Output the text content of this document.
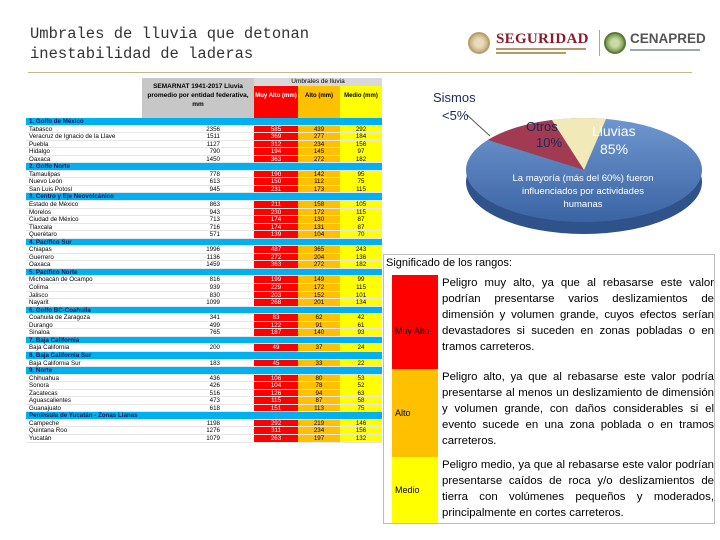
Umbrales de lluvia que detonan inestabilidad de laderas
SEGURIDAD	CENAPRED
SEMARNAT 1941-2017 Lluvia promedio por entidad federativa, mm
Umbrales de lluvia
Muy Alto (mm)	Alto (mm)	Medio (mm)
1. Golfo de México
Tabasco	2356	585	439	292
Veracruz de Ignacio de la Llave	1511	369	277	184
Puebla	1127	312	234	156
Hidalgo	790	194	145	97
Oaxaca	1450	363	272	182
2. Golfo Norte
Tamaulipas	778	190	142	95
Nuevo León	613	150	112	75
San Luis Potosí	945	231	173	115
3. Centro y Eje Neovolcánico
Estado de México	863	211	158	105
Morelos	943	230	172	115
Ciudad de México	713	174	130	87
Tlaxcala	716	174	131	87
Querétaro	571	139	104	70
4. Pacífico Sur
Chiapas	1996	487	365	243
Guerrero	1136	272	204	136
Oaxaca	1459	363	272	182
5. Pacífico Norte
Michoacán de Ocampo	816	199	149	99
Colima	939	229	172	115
Jalisco	830	203	152	101
Nayarit	1099	268	201	134
6. Golfo BC-Coahuila
Coahuila de Zaragoza	341	83	62	42
Durango	499	122	91	61
Sinaloa	765	187	140	93
7. Baja California
Baja California	200	49	37	24
8. Baja California Sur
Baja California Sur	183	45	33	22
9. Norte
Chihuahua	436	106	80	53
Sonora	426	104	78	52
Zacatecas	516	126	94	63
Aguascalientes	473	115	87	58
Guanajuato	618	151	113	75
Península de Yucatán - Zonas Llanas
Campeche	1198	292	219	146
Quintana Roo	1276	311	234	156
Yucatán	1079	263	197	132
Sismos
<5%
Otros
10%
Lluvias
85%
La mayoría (más del 60%) fueron
influenciados por actividades
humanas
Significado de los rangos:
Muy Alto
Peligro muy alto, ya que al rebasarse este valor podrían presentarse varios deslizamientos de dimensión y volumen grande, cuyos efectos serían devastadores si suceden en zonas pobladas o en tramos carreteros.
Alto
Peligro alto, ya que al rebasarse este valor podría presentarse al menos un deslizamiento de dimensión y volumen grande, con daños considerables si el evento sucede en una zona poblada o en tramos carreteros.
Medio
Peligro medio, ya que al rebasarse este valor podrían presentarse caídos de roca y/o deslizamientos de tierra con volúmenes pequeños y moderados, principalmente en cortes carreteros.
